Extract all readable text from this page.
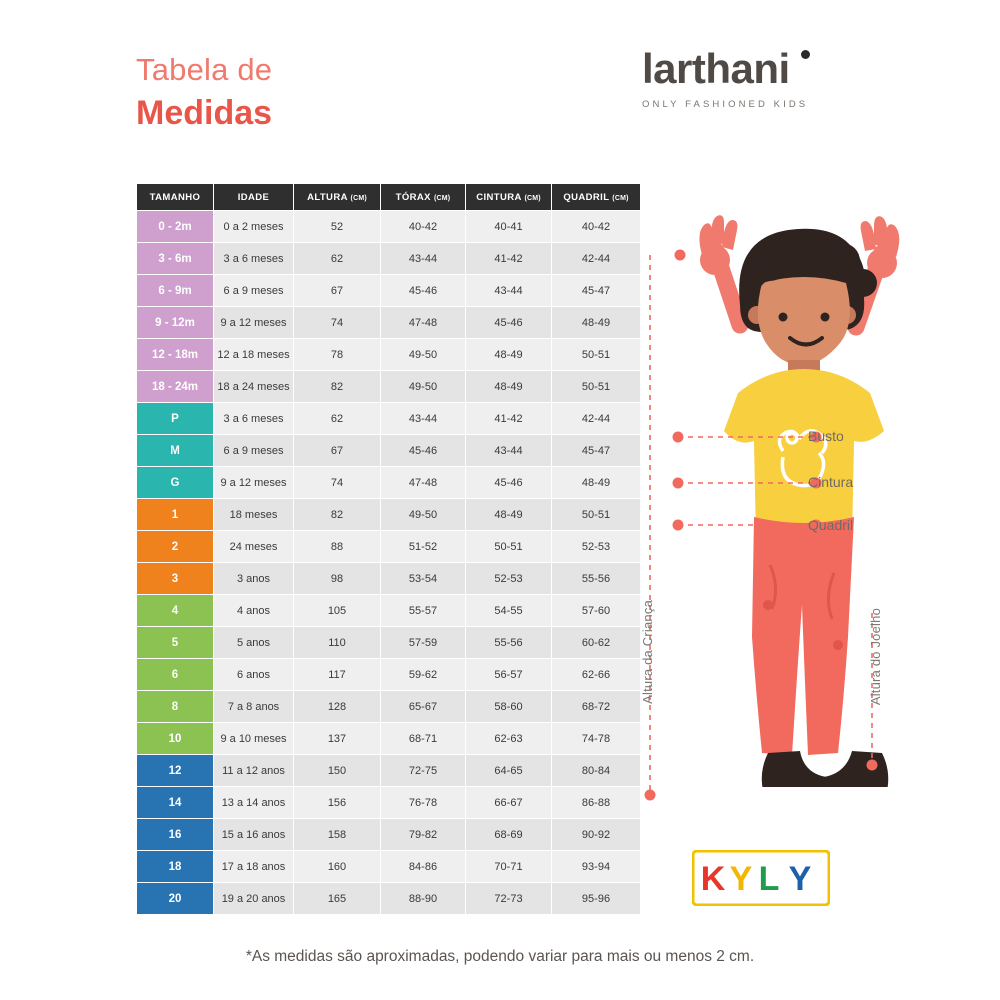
Tabela de
Medidas
larthani
ONLY FASHIONED KIDS
TAMANHO	IDADE	ALTURA (CM)	TÓRAX (CM)	CINTURA (CM)	QUADRIL (CM)
0 - 2m	0 a 2 meses	52	40-42	40-41	40-42
3 - 6m	3 a 6 meses	62	43-44	41-42	42-44
6 - 9m	6 a 9 meses	67	45-46	43-44	45-47
9 - 12m	9 a 12 meses	74	47-48	45-46	48-49
12 - 18m	12 a 18 meses	78	49-50	48-49	50-51
18 - 24m	18 a 24 meses	82	49-50	48-49	50-51
P	3 a 6 meses	62	43-44	41-42	42-44
M	6 a 9 meses	67	45-46	43-44	45-47
G	9 a 12 meses	74	47-48	45-46	48-49
1	18 meses	82	49-50	48-49	50-51
2	24 meses	88	51-52	50-51	52-53
3	3 anos	98	53-54	52-53	55-56
4	4 anos	105	55-57	54-55	57-60
5	5 anos	110	57-59	55-56	60-62
6	6 anos	117	59-62	56-57	62-66
8	7 a 8 anos	128	65-67	58-60	68-72
10	9 a 10 meses	137	68-71	62-63	74-78
12	11 a 12 anos	150	72-75	64-65	80-84
14	13 a 14 anos	156	76-78	66-67	86-88
16	15 a 16 anos	158	79-82	68-69	90-92
18	17 a 18 anos	160	84-86	70-71	93-94
20	19 a 20 anos	165	88-90	72-73	95-96
Busto
Cintura
Quadril
Altura da Criança	Altura do Joelho
K Y L Y
*As medidas são aproximadas, podendo variar para mais ou menos 2 cm.
